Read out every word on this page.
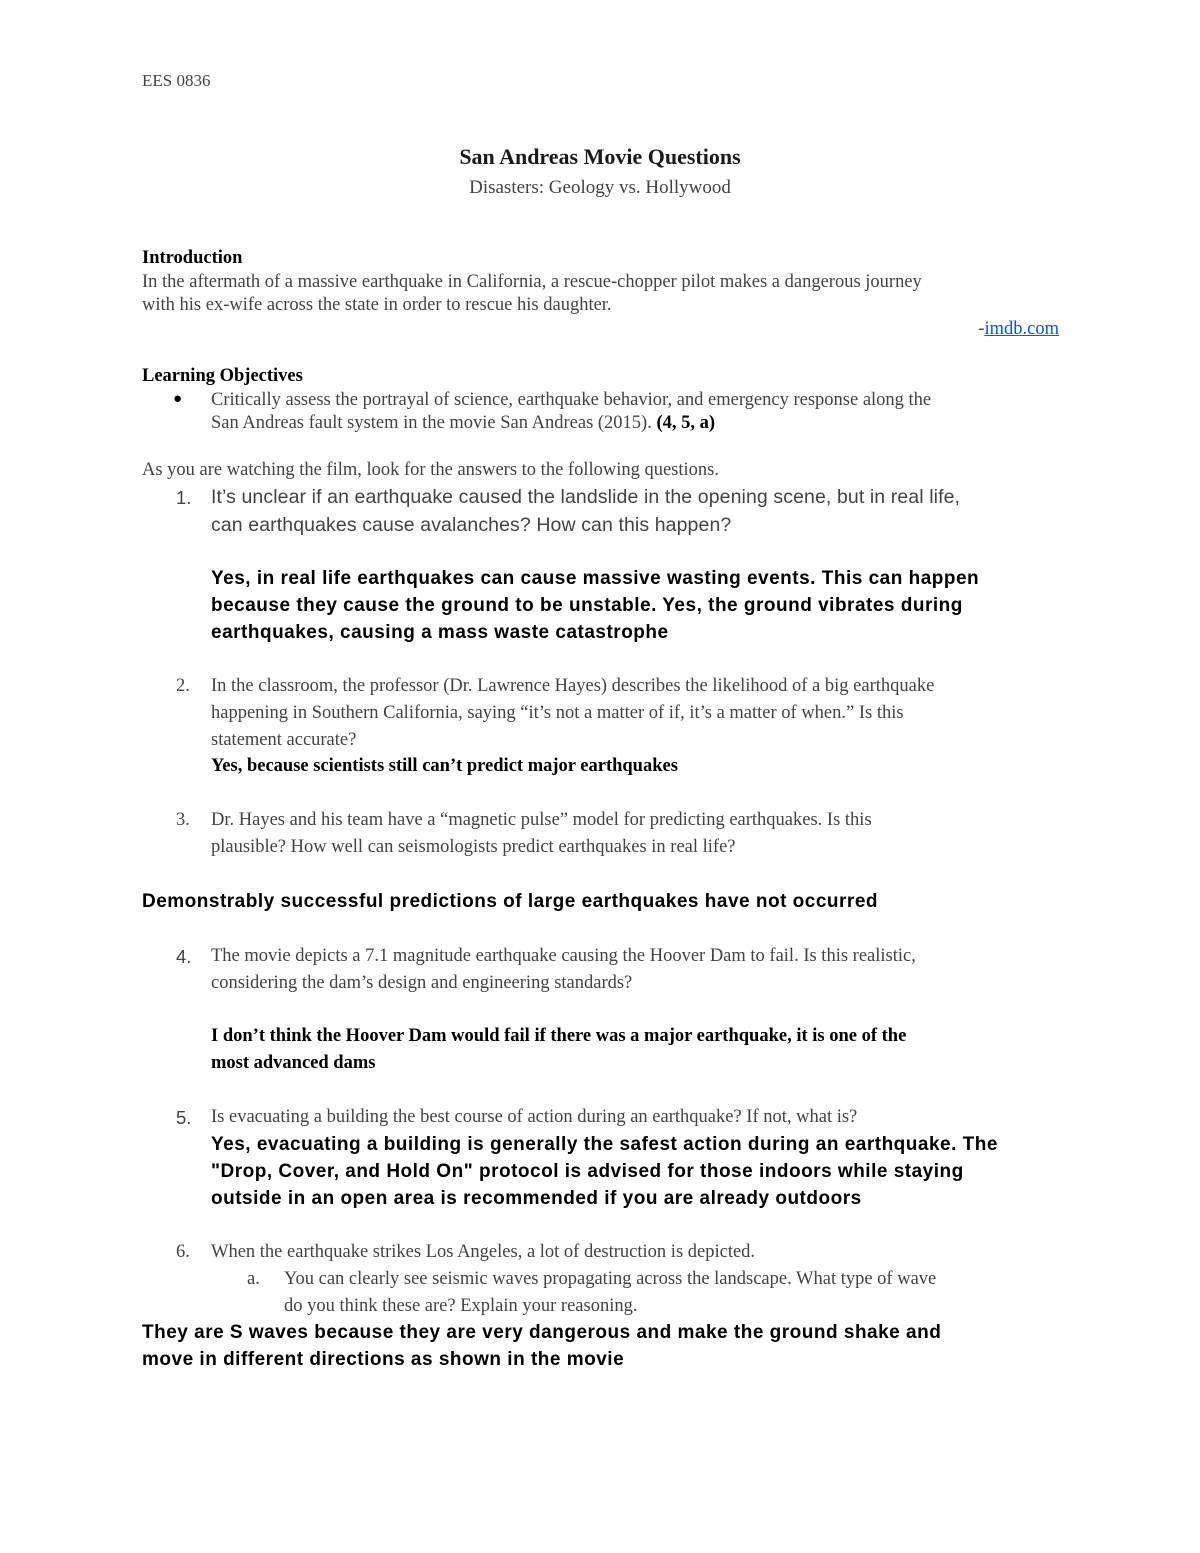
EES 0836
San Andreas Movie Questions
Disasters: Geology vs. Hollywood
Introduction
In the aftermath of a massive earthquake in California, a rescue-chopper pilot makes a dangerous journey
with his ex-wife across the state in order to rescue his daughter.
-imdb.com
Learning Objectives
● Critically assess the portrayal of science, earthquake behavior, and emergency response along the
San Andreas fault system in the movie San Andreas (2015). (4, 5, a)
As you are watching the film, look for the answers to the following questions.
1. It’s unclear if an earthquake caused the landslide in the opening scene, but in real life,
can earthquakes cause avalanches? How can this happen?
Yes, in real life earthquakes can cause massive wasting events. This can happen
because they cause the ground to be unstable. Yes, the ground vibrates during
earthquakes, causing a mass waste catastrophe
2. In the classroom, the professor (Dr. Lawrence Hayes) describes the likelihood of a big earthquake
happening in Southern California, saying “it’s not a matter of if, it’s a matter of when.” Is this
statement accurate?
Yes, because scientists still can’t predict major earthquakes
3. Dr. Hayes and his team have a “magnetic pulse” model for predicting earthquakes. Is this
plausible? How well can seismologists predict earthquakes in real life?
Demonstrably successful predictions of large earthquakes have not occurred
4. The movie depicts a 7.1 magnitude earthquake causing the Hoover Dam to fail. Is this realistic,
considering the dam’s design and engineering standards?
I don’t think the Hoover Dam would fail if there was a major earthquake, it is one of the
most advanced dams
5. Is evacuating a building the best course of action during an earthquake? If not, what is?
Yes, evacuating a building is generally the safest action during an earthquake. The
"Drop, Cover, and Hold On" protocol is advised for those indoors while staying
outside in an open area is recommended if you are already outdoors
6. When the earthquake strikes Los Angeles, a lot of destruction is depicted.
a. You can clearly see seismic waves propagating across the landscape. What type of wave
do you think these are? Explain your reasoning.
They are S waves because they are very dangerous and make the ground shake and
move in different directions as shown in the movie
